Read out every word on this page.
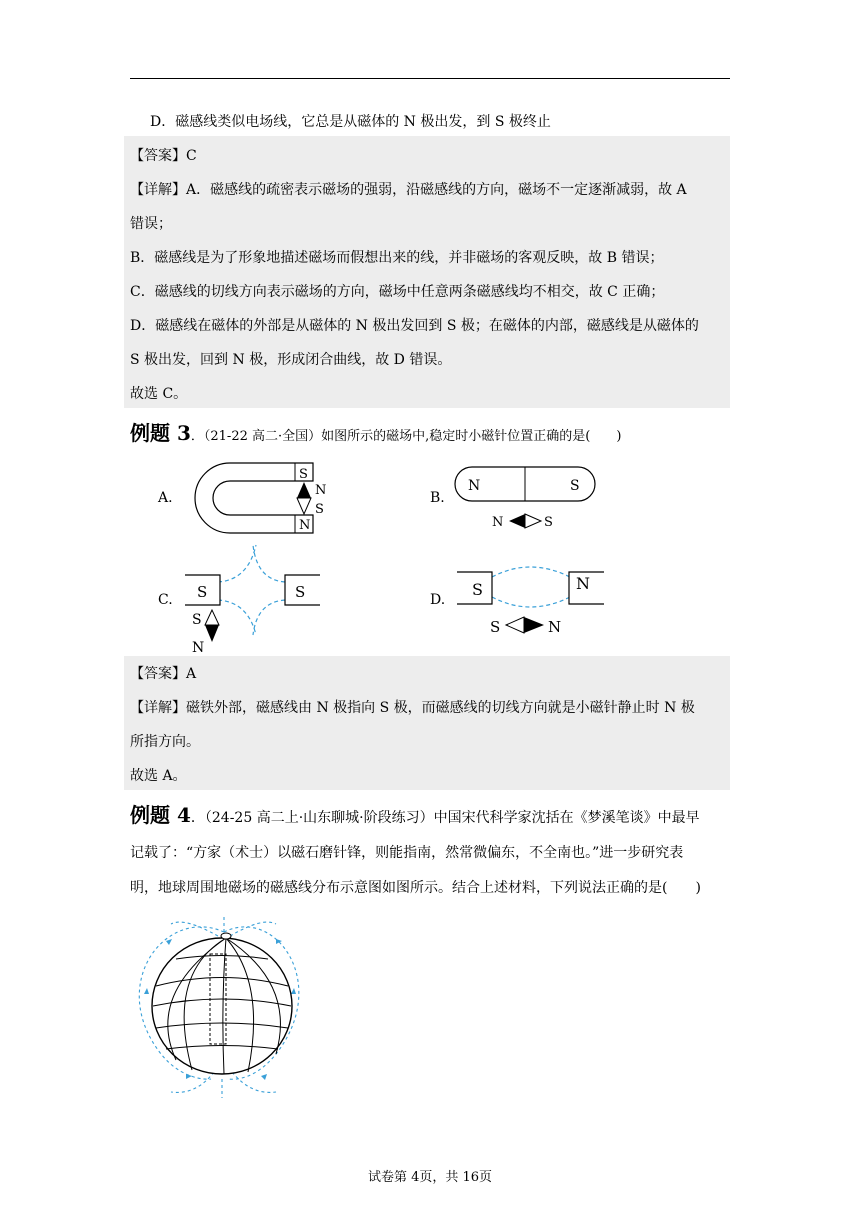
D．磁感线类似电场线，它总是从磁体的 N 极出发，到 S 极终止
【答案】C
【详解】A．磁感线的疏密表示磁场的强弱，沿磁感线的方向，磁场不一定逐渐减弱，故 A
错误；
B．磁感线是为了形象地描述磁场而假想出来的线，并非磁场的客观反映，故 B 错误；
C．磁感线的切线方向表示磁场的方向，磁场中任意两条磁感线均不相交，故 C 正确；
D．磁感线在磁体的外部是从磁体的 N 极出发回到 S 极；在磁体的内部，磁感线是从磁体的
S 极出发，回到 N 极，形成闭合曲线，故 D 错误。
故选 C。
例题 3．（21-22 高二·全国）如图所示的磁场中,稳定时小磁针位置正确的是(　　)
A.
S
N
N
S
B.
N	S
N	S
C. S	S
S
N
D.
S	N
S	N
【答案】A
【详解】磁铁外部，磁感线由 N 极指向 S 极，而磁感线的切线方向就是小磁针静止时 N 极
所指方向。
故选 A。
例题 4．（24-25 高二上·山东聊城·阶段练习）中国宋代科学家沈括在《梦溪笔谈》中最早
记载了：“方家（术士）以磁石磨针锋，则能指南，然常微偏东，不全南也。”进一步研究表
明，地球周围地磁场的磁感线分布示意图如图所示。结合上述材料，下列说法正确的是(　　)
试卷第 4页，共 16页
